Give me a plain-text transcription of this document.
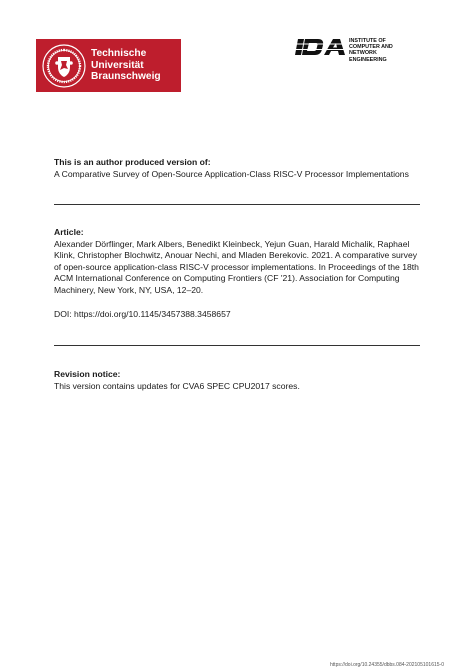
Technische
Universität
Braunschweig
INSTITUTE OF
COMPUTER AND
NETWORK
ENGINEERING
This is an author produced version of:
A Comparative Survey of Open-Source Application-Class RISC-V Processor Implementations
Article:
Alexander Dörflinger, Mark Albers, Benedikt Kleinbeck, Yejun Guan, Harald Michalik, Raphael Klink, Christopher Blochwitz, Anouar Nechi, and Mladen Berekovic. 2021. A comparative survey of open-source application-class RISC-V processor implementations. In Proceedings of the 18th ACM International Conference on Computing Frontiers (CF '21). Association for Computing Machinery, New York, NY, USA, 12–20.
DOI: https://doi.org/10.1145/3457388.3458657
Revision notice:
This version contains updates for CVA6 SPEC CPU2017 scores.
https://doi.org/10.24355/dbbs.084-202105101615-0
